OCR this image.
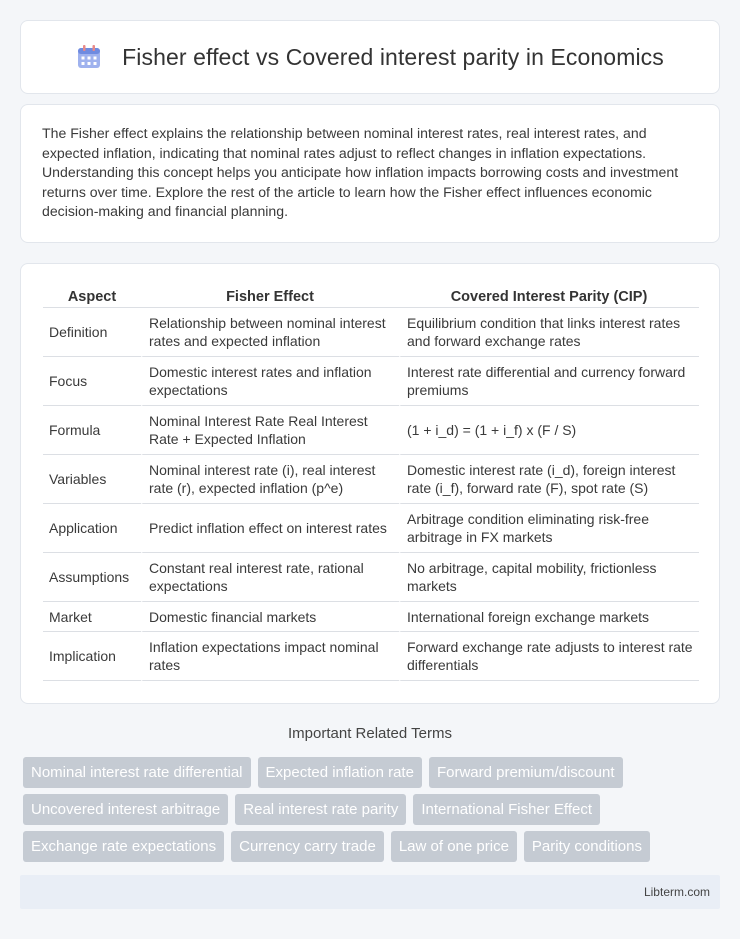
Fisher effect vs Covered interest parity in Economics

The Fisher effect explains the relationship between nominal interest rates, real interest rates, and expected inflation, indicating that nominal rates adjust to reflect changes in inflation expectations. Understanding this concept helps you anticipate how inflation impacts borrowing costs and investment returns over time. Explore the rest of the article to learn how the Fisher effect influences economic decision-making and financial planning.

Aspect	Fisher Effect	Covered Interest Parity (CIP)
Definition	Relationship between nominal interest rates and expected inflation	Equilibrium condition that links interest rates and forward exchange rates
Focus	Domestic interest rates and inflation expectations	Interest rate differential and currency forward premiums
Formula	Nominal Interest Rate Real Interest Rate + Expected Inflation	(1 + i_d) = (1 + i_f) x (F / S)
Variables	Nominal interest rate (i), real interest rate (r), expected inflation (p^e)	Domestic interest rate (i_d), foreign interest rate (i_f), forward rate (F), spot rate (S)
Application	Predict inflation effect on interest rates	Arbitrage condition eliminating risk-free arbitrage in FX markets
Assumptions	Constant real interest rate, rational expectations	No arbitrage, capital mobility, frictionless markets
Market	Domestic financial markets	International foreign exchange markets
Implication	Inflation expectations impact nominal rates	Forward exchange rate adjusts to interest rate differentials
Important Related Terms
Nominal interest rate differential	Expected inflation rate	Forward premium/discount
Uncovered interest arbitrage	Real interest rate parity	International Fisher Effect
Exchange rate expectations	Currency carry trade	Law of one price	Parity conditions
Libterm.com
